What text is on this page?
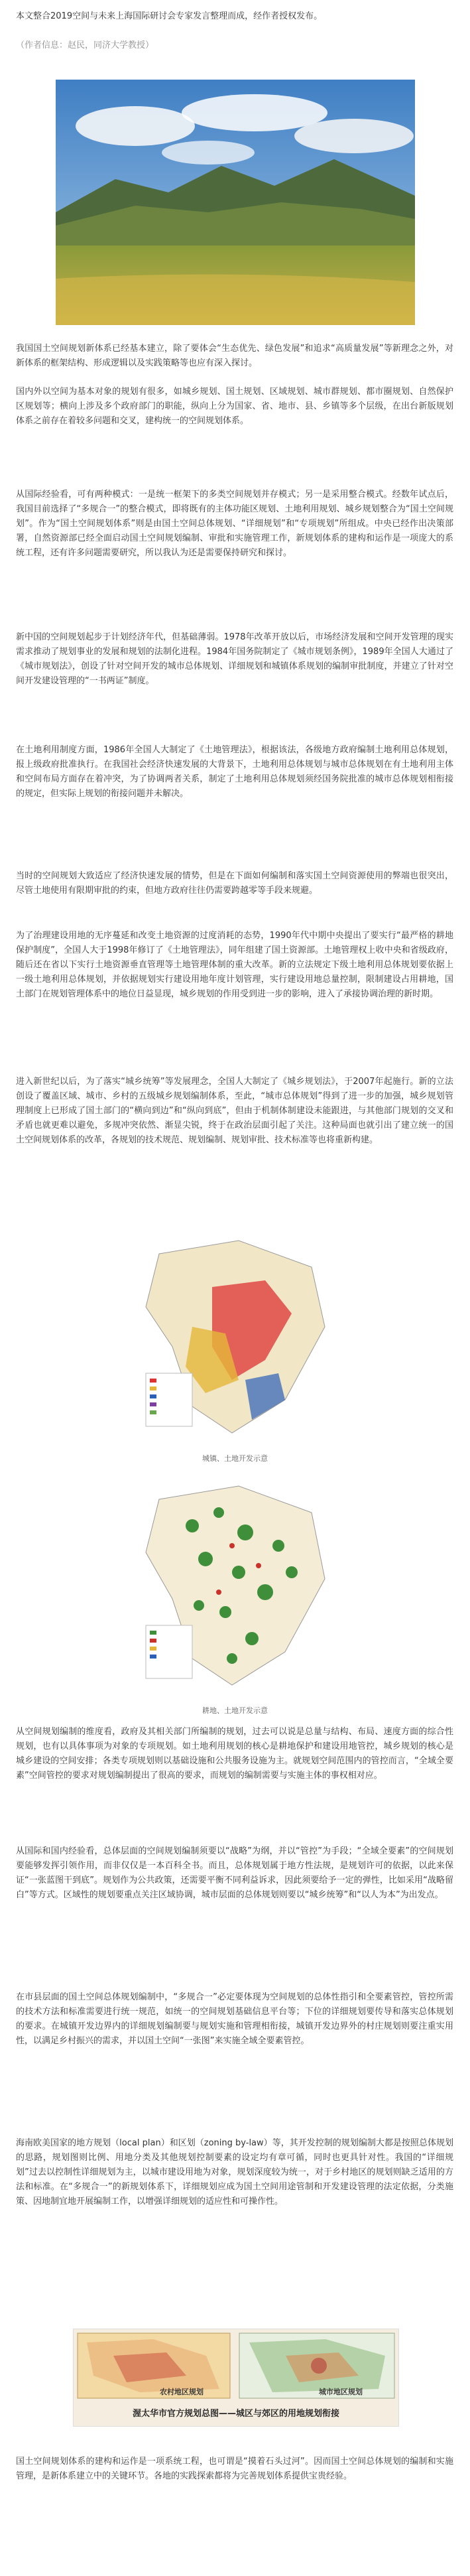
本文整合2019空间与未来上海国际研讨会专家发言整理而成，经作者授权发布。

（作者信息：赵民，同济大学教授）

我国国土空间规划新体系已经基本建立，除了要体会“生态优先、绿色发展”和追求“高质量发展”等新理念之外，对新体系的框架结构、形成逻辑以及实践策略等也应有深入探讨。

国内外以空间为基本对象的规划有很多，如城乡规划、国土规划、区域规划、城市群规划、都市圈规划、自然保护区规划等；横向上涉及多个政府部门的职能，纵向上分为国家、省、地市、县、乡镇等多个层级，在出台新版规划体系之前存在着较多问题和交叉，建构统一的空间规划体系。

从国际经验看，可有两种模式：一是统一框架下的多类空间规划并存模式；另一是采用整合模式。经数年试点后，我国目前选择了“多规合一”的整合模式，即将既有的主体功能区规划、土地利用规划、城乡规划整合为“国土空间规划”。作为“国土空间规划体系”则是由国土空间总体规划、“详细规划”和“专项规划”所组成。中央已经作出决策部署，自然资源部已经全面启动国土空间规划编制、审批和实施管理工作，新规划体系的建构和运作是一项庞大的系统工程，还有许多问题需要研究，所以我认为还是需要保持研究和探讨。

新中国的空间规划起步于计划经济年代，但基础薄弱。1978年改革开放以后，市场经济发展和空间开发管理的现实需求推动了规划事业的发展和规划的法制化进程。1984年国务院制定了《城市规划条例》，1989年全国人大通过了《城市规划法》，创设了针对空间开发的城市总体规划、详细规划和城镇体系规划的编制审批制度，并建立了针对空间开发建设管理的“一书两证”制度。

在土地利用制度方面，1986年全国人大制定了《土地管理法》，根据该法，各级地方政府编制土地利用总体规划，报上级政府批准执行。在我国社会经济快速发展的大背景下，土地利用总体规划与城市总体规划在有土地利用主体和空间布局方面存在着冲突，为了协调两者关系，制定了土地利用总体规划须经国务院批准的城市总体规划相衔接的规定，但实际上规划的衔接问题并未解决。

当时的空间规划大致适应了经济快速发展的情势，但是在下面如何编制和落实国土空间资源使用的弊端也很突出，尽管土地使用有限期审批的约束，但地方政府往往仍需要跨越零等手段来规避。

为了治理建设用地的无序蔓延和改变土地资源的过度消耗的态势，1990年代中期中央提出了要实行“最严格的耕地保护制度”，全国人大于1998年修订了《土地管理法》，同年组建了国土资源部。土地管理权上收中央和省级政府，随后还在省以下实行土地资源垂直管理等土地管理体制的重大改革。新的立法规定下级土地利用总体规划要依据上一级土地利用总体规划，并依据规划实行建设用地年度计划管理，实行建设用地总量控制，限制建设占用耕地，国土部门在规划管理体系中的地位日益显现，城乡规划的作用受到进一步的影响，进入了承接协调治理的新时期。

进入新世纪以后，为了落实“城乡统筹”等发展理念，全国人大制定了《城乡规划法》，于2007年起施行。新的立法创设了覆盖区域、城市、乡村的五级城乡规划编制体系，至此，“城市总体规划”得到了进一步的加强，城乡规划管理制度上已形成了国土部门的“横向到边”和“纵向到底”，但由于机制体制建设未能跟进，与其他部门规划的交叉和矛盾也就更难以避免，多规冲突依然、渐显尖锐，终于在政治层面引起了关注。这种局面也就引出了建立统一的国土空间规划体系的改革，各规划的技术规范、规划编制、规划审批、技术标准等也将重新构建。

城镇、土地开发示意
耕地、土地开发示意

从空间规划编制的维度看，政府及其相关部门所编制的规划，过去可以说是总量与结构、布局、速度方面的综合性规划，也有以具体事项为对象的专项规划。如土地利用规划的核心是耕地保护和建设用地管控，城乡规划的核心是城乡建设的空间安排；各类专项规划则以基础设施和公共服务设施为主。就规划空间范围内的管控而言，“全域全要素”空间管控的要求对规划编制提出了很高的要求，而规划的编制需要与实施主体的事权相对应。

从国际和国内经验看，总体层面的空间规划编制须要以“战略”为纲，并以“管控”为手段；“全域全要素”的空间规划要能够发挥引领作用，而非仅仅是一本百科全书。而且，总体规划属于地方性法规，是规划许可的依据，以此来保证“一张蓝图干到底”。规划作为公共政策，还需要平衡不同利益诉求，因此须要给予一定的弹性，比如采用“战略留白”等方式。区域性的规划要重点关注区域协调，城市层面的总体规划则要以“城乡统筹”和“以人为本”为出发点。

在市县层面的国土空间总体规划编制中，“多规合一”必定要体现为空间规划的总体性指引和全要素管控，管控所需的技术方法和标准需要进行统一规范，如统一的空间规划基础信息平台等；下位的详细规划要传导和落实总体规划的要求。在城镇开发边界内的详细规划编制要与规划实施和管理相衔接，城镇开发边界外的村庄规划则要注重实用性，以满足乡村振兴的需求，并以国土空间“一张图”来实施全域全要素管控。

海南欧美国家的地方规划（local plan）和区划（zoning by-law）等，其开发控制的规划编制大都是按照总体规划的思路，规划图则比例、用地分类及其他规划控制要素的设定均有章可循，同时也更具针对性。我国的“详细规划”过去以控制性详细规划为主，以城市建设用地为对象，规划深度较为统一，对于乡村地区的规划则缺乏适用的方法和标准。在“多规合一”的新规划体系下，详细规划应成为国土空间用途管制和开发建设管理的法定依据，分类施策、因地制宜地开展编制工作，以增强详细规划的适应性和可操作性。

农村地区规划	城市地区规划
渥太华市官方规划总图——城区与郊区的用地规划衔接

国土空间规划体系的建构和运作是一项系统工程，也可谓是“摸着石头过河”。因而国土空间总体规划的编制和实施管理，是新体系建立中的关键环节。各地的实践探索都将为完善规划体系提供宝贵经验。
